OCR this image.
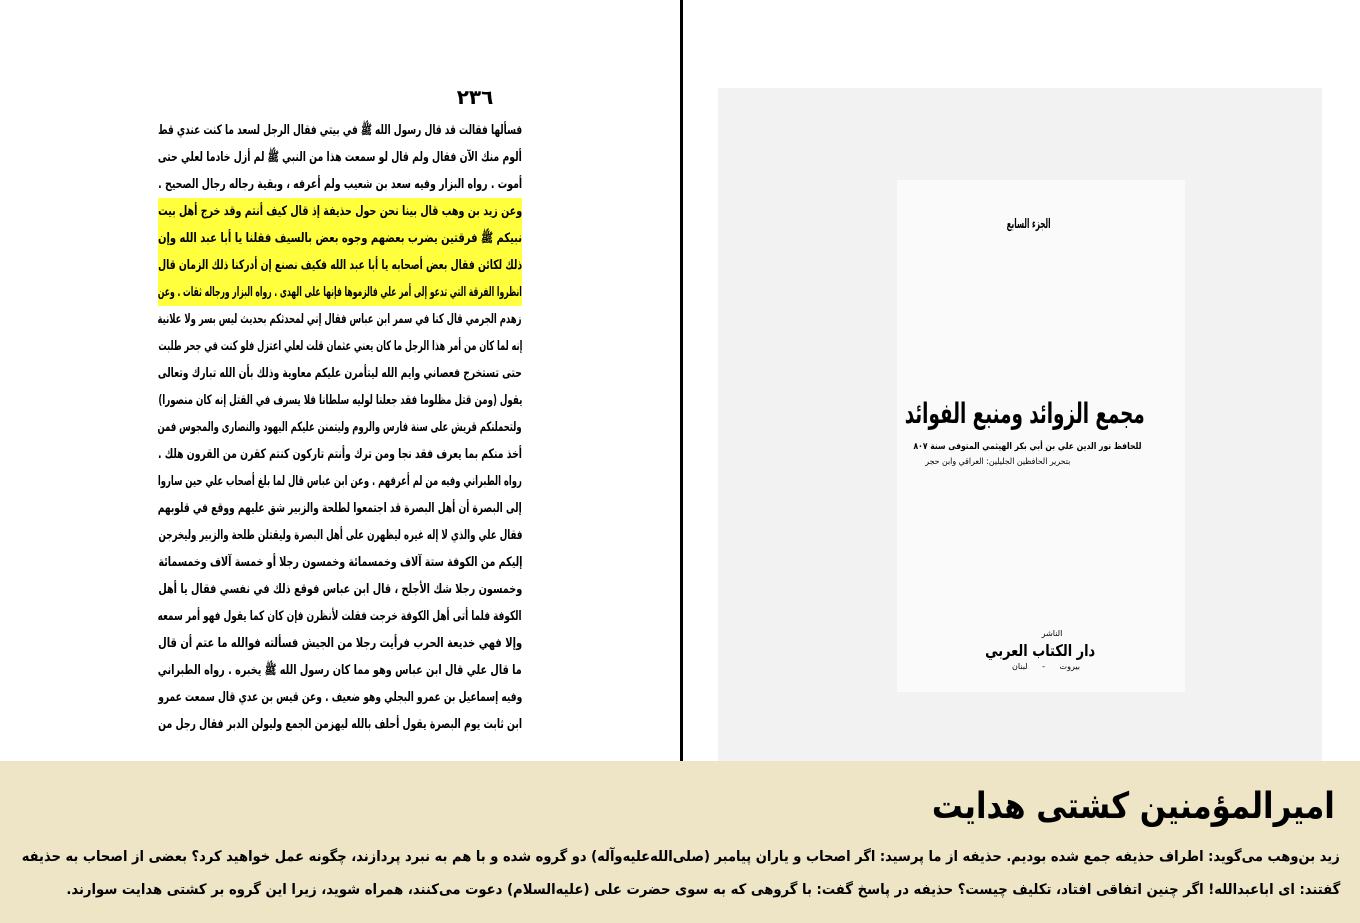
٢٣٦
فسألها فقالت قد قال رسول الله ﷺ في بيتي فقال الرجل لسعد ما كنت عندي قط
ألوم منك الآن فقال ولم قال لو سمعت هذا من النبي ﷺ لم أزل خادما لعلي حتى
أموت . رواه البزار وفيه سعد بن شعيب ولم أعرفه ، وبقية رجاله رجال الصحيح .
وعن زيد بن وهب قال بينا نحن حول حذيفة إذ قال كيف أنتم وقد خرج أهل بيت
نبيكم ﷺ فرقتين يضرب بعضهم وجوه بعض بالسيف فقلنا يا أبا عبد الله وإن
ذلك لكائن فقال بعض أصحابه يا أبا عبد الله فكيف نصنع إن أدركنا ذلك الزمان قال
انظروا الفرقة التي تدعو إلى أمر علي فالزموها فإنها على الهدى . رواه البزار ورجاله ثقات . وعن
زهدم الجرمي قال كنا في سمر ابن عباس فقال إني لمحدثكم بحديث ليس بسر ولا علانية
إنه لما كان من أمر هذا الرجل ما كان يعني عثمان قلت لعلي اعتزل فلو كنت في جحر طلبت
حتى تستخرج فعصاني وايم الله ليتأمرن عليكم معاوية وذلك بأن الله تبارك وتعالى
يقول (ومن قتل مظلوما فقد جعلنا لوليه سلطانا فلا يسرف في القتل إنه كان منصورا)
ولتحملنكم قريش على سنة فارس والروم وليتمنن عليكم اليهود والنصارى والمجوس فمن
أخذ منكم بما يعرف فقد نجا ومن ترك وأنتم تاركون كنتم كقرن من القرون هلك .
رواه الطبراني وفيه من لم أعرفهم . وعن ابن عباس قال لما بلغ أصحاب علي حين ساروا
إلى البصرة أن أهل البصرة قد اجتمعوا لطلحة والزبير شق عليهم ووقع في قلوبهم
فقال علي والذي لا إله غيره ليظهرن على أهل البصرة وليقتلن طلحة والزبير وليخرجن
إليكم من الكوفة ستة آلاف وخمسمائة وخمسون رجلا أو خمسة آلاف وخمسمائة
وخمسون رجلا شك الأجلح ، قال ابن عباس فوقع ذلك في نفسي فقال يا أهل
الكوفة فلما أتى أهل الكوفة خرجت فقلت لأنظرن فإن كان كما يقول فهو أمر سمعه
وإلا فهي خديعة الحرب فرأيت رجلا من الجيش فسألته فوالله ما عتم أن قال
ما قال علي قال ابن عباس وهو مما كان رسول الله ﷺ يخبره . رواه الطبراني
وفيه إسماعيل بن عمرو البجلي وهو ضعيف . وعن قيس بن عدي قال سمعت عمرو
ابن ثابت يوم البصرة يقول أحلف بالله ليهزمن الجمع وليولن الدبر فقال رجل من
الجزء السابع
مجمع الزوائد ومنبع الفوائد
للحافظ نور الدين علي بن أبي بكر الهيثمي المتوفى سنة ٨٠٧
بتحرير الحافظين الجليلين: العراقي وابن حجر
الناشر
دار الكتاب العربي
بيروت - لبنان
امیرالمؤمنین کشتی هدایت
زید بن‌وهب می‌گوید: اطراف حذیفه جمع شده بودیم. حذیفه از ما پرسید: اگر اصحاب و یاران پیامبر (صلی‌الله‌علیه‌وآله) دو گروه شده و با هم به نبرد پردازند، چگونه عمل خواهید کرد؟ بعضی از اصحاب به حذیفه
گفتند: ای اباعبدالله! اگر چنین اتفاقی افتاد، تکلیف چیست؟ حذیفه در پاسخ گفت: با گروهی که به سوی حضرت علی (علیه‌السلام) دعوت می‌کنند، همراه شوید، زیرا این گروه بر کشتی هدایت سوارند.
